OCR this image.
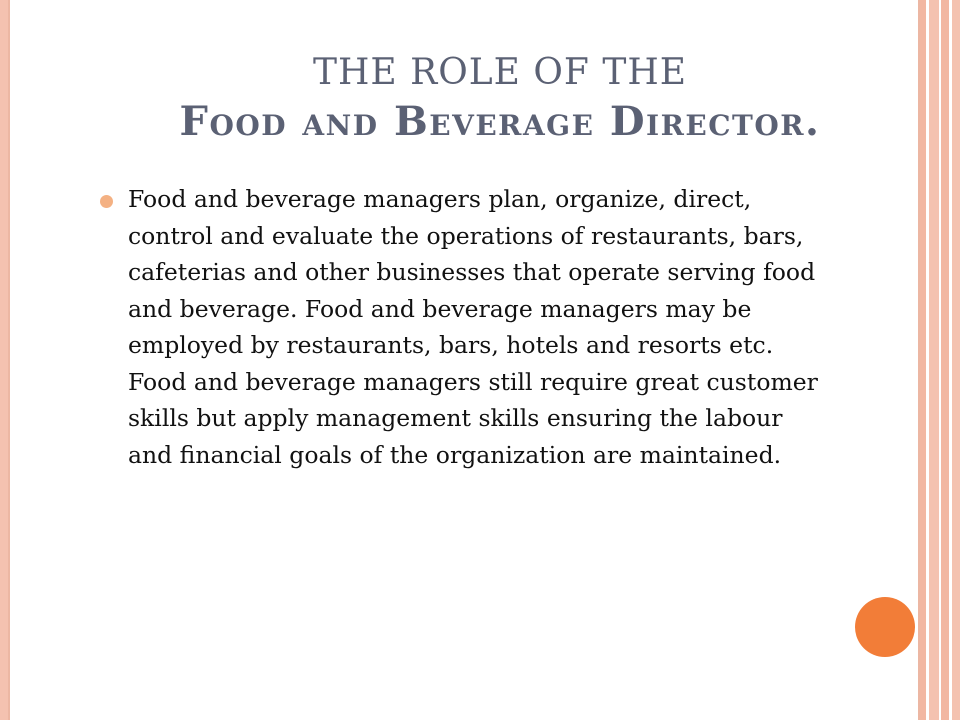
THE ROLE OF THE
Food and Beverage Director.
Food and beverage managers plan, organize, direct, control and evaluate the operations of restaurants, bars, cafeterias and other businesses that operate serving food and beverage. Food and beverage managers may be employed by restaurants, bars, hotels and resorts etc. Food and beverage managers still require great customer skills but apply management skills ensuring the labour and financial goals of the organization are maintained.
